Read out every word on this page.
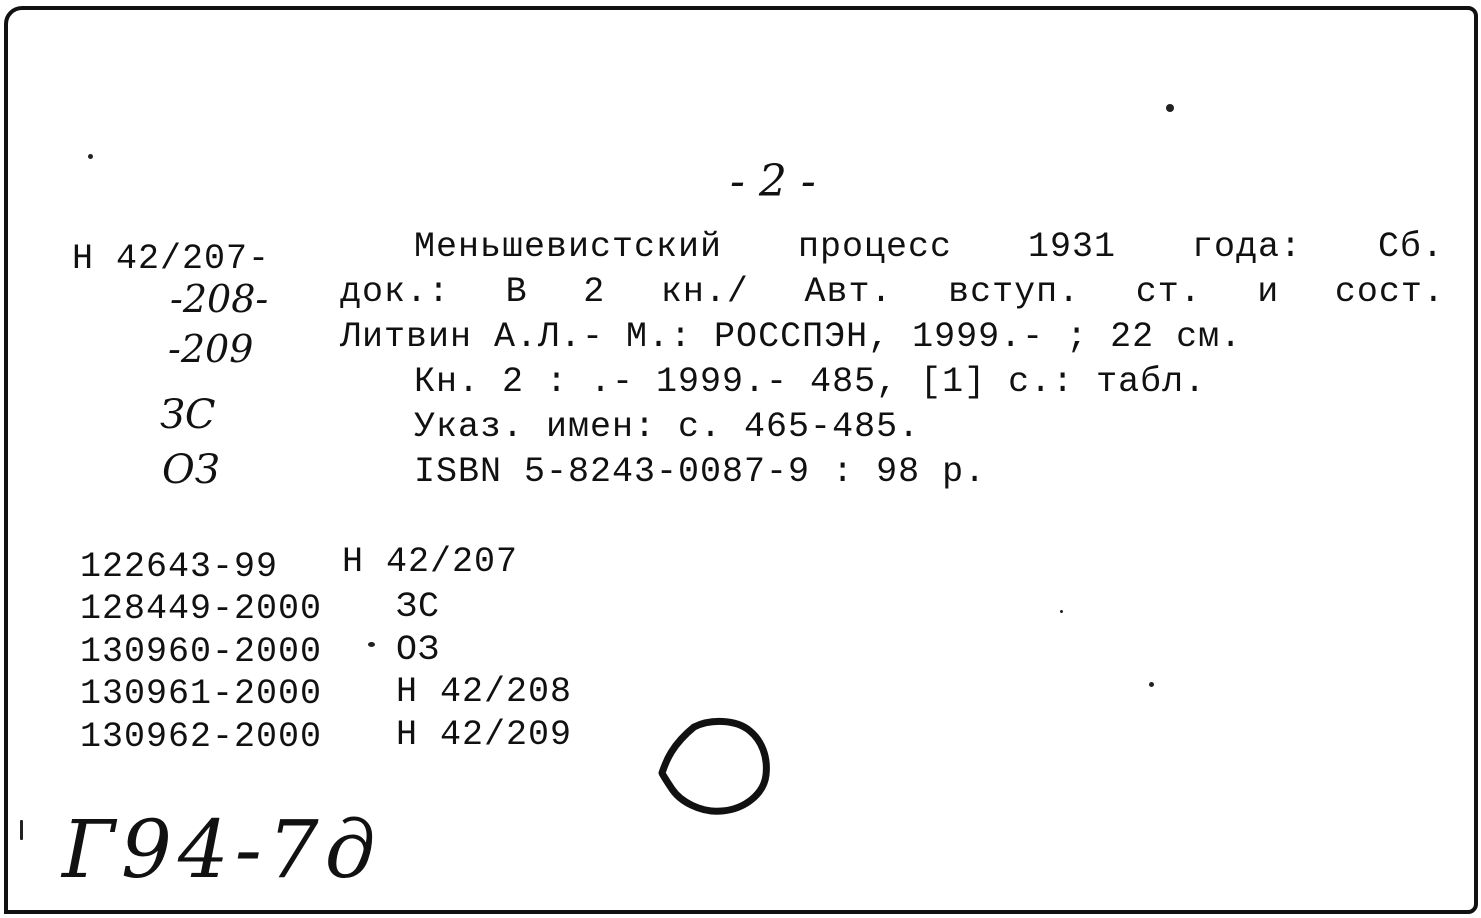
- 2 -
Н 42/207-
-208-
-209
ЗС
ОЗ
Меньшевистский процесс 1931 года: Сб.
док.: В 2 кн./ Авт. вступ. ст. и сост.
Литвин А.Л.- М.: РОССПЭН, 1999.- ; 22 см.
Кн. 2 : .- 1999.- 485, [1] с.: табл.
Указ. имен: с. 465-485.
ISBN 5-8243-0087-9 : 98 р.
122643-99 Н 42/207
128449-2000 ЗС
130960-2000 ОЗ
130961-2000 Н 42/208
130962-2000 Н 42/209
Г94-7д
